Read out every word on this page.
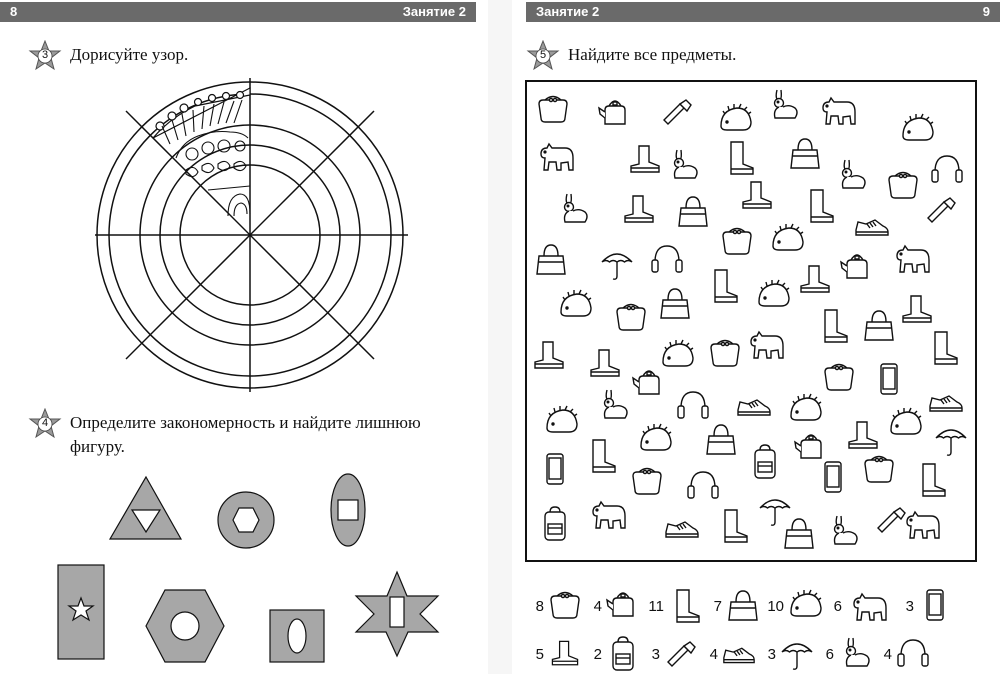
8	Занятие 2
3	Дорисуйте узор.
4	Определите закономерность и найдите лишнюю
фигуру.
Занятие 2	9
5	Найдите все предметы.
8	4	11	7	10	6	3
5	2	3	4	3	6	4
